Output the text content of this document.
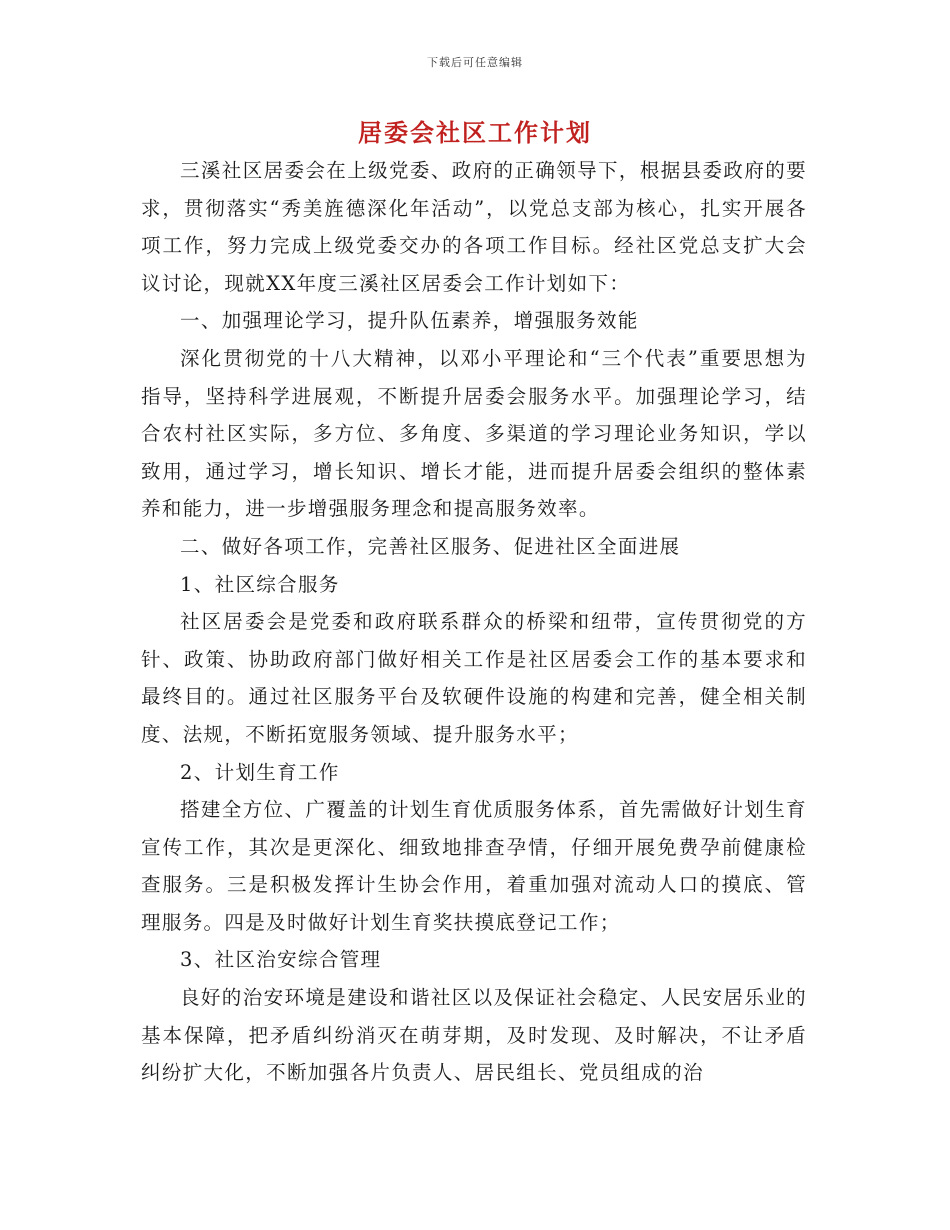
下载后可任意编辑
居委会社区工作计划

三溪社区居委会在上级党委、政府的正确领导下，根据县委政府的要求，贯彻落实“秀美旌德深化年活动”，以党总支部为核心，扎实开展各项工作，努力完成上级党委交办的各项工作目标。经社区党总支扩大会议讨论，现就XX年度三溪社区居委会工作计划如下：

一、加强理论学习，提升队伍素养，增强服务效能

深化贯彻党的十八大精神，以邓小平理论和“三个代表”重要思想为指导，坚持科学进展观，不断提升居委会服务水平。加强理论学习，结合农村社区实际，多方位、多角度、多渠道的学习理论业务知识，学以致用，通过学习，增长知识、增长才能，进而提升居委会组织的整体素养和能力，进一步增强服务理念和提高服务效率。

二、做好各项工作，完善社区服务、促进社区全面进展

1、社区综合服务

社区居委会是党委和政府联系群众的桥梁和纽带，宣传贯彻党的方针、政策、协助政府部门做好相关工作是社区居委会工作的基本要求和最终目的。通过社区服务平台及软硬件设施的构建和完善，健全相关制度、法规，不断拓宽服务领域、提升服务水平；

2、计划生育工作

搭建全方位、广覆盖的计划生育优质服务体系，首先需做好计划生育宣传工作，其次是更深化、细致地排查孕情，仔细开展免费孕前健康检查服务。三是积极发挥计生协会作用，着重加强对流动人口的摸底、管理服务。四是及时做好计划生育奖扶摸底登记工作；

3、社区治安综合管理

良好的治安环境是建设和谐社区以及保证社会稳定、人民安居乐业的基本保障，把矛盾纠纷消灭在萌芽期，及时发现、及时解决，不让矛盾纠纷扩大化，不断加强各片负责人、居民组长、党员组成的治
